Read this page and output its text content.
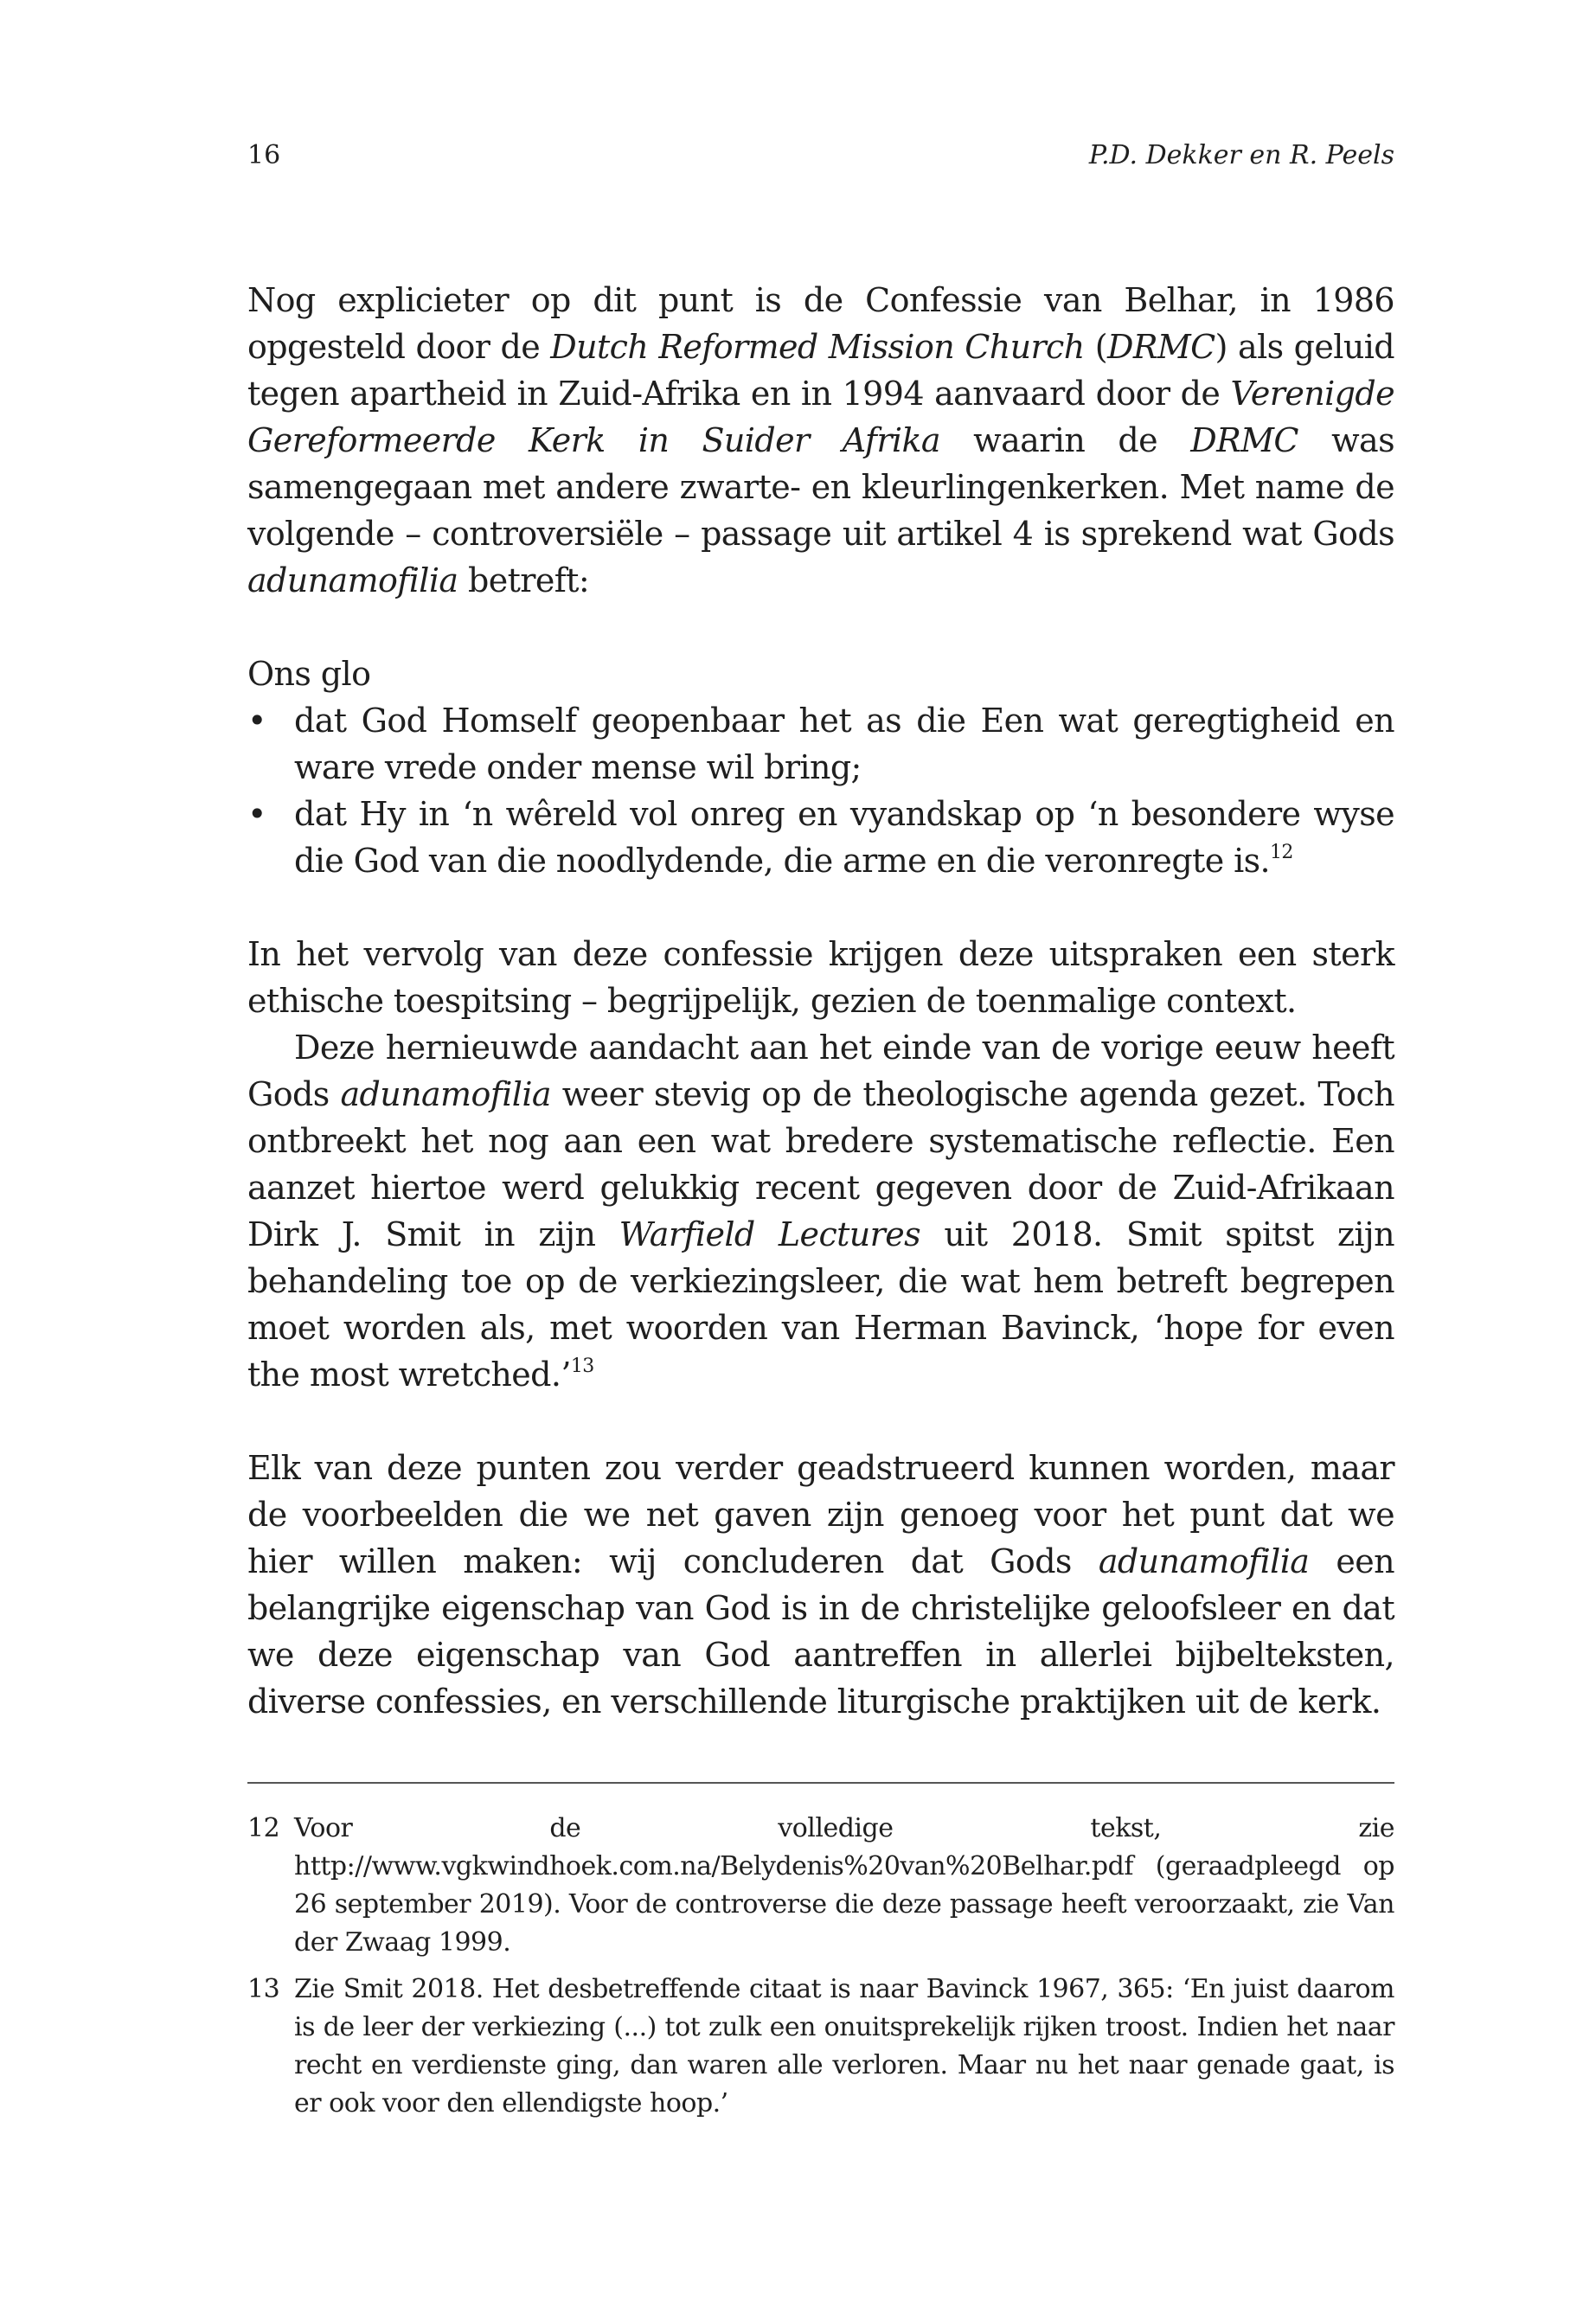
16	P.D. Dekker en R. Peels

Nog explicieter op dit punt is de Confessie van Belhar, in 1986 opgesteld door de Dutch Reformed Mission Church (DRMC) als geluid tegen apartheid in Zuid-Afrika en in 1994 aanvaard door de Verenigde Gereformeerde Kerk in Suider Afrika waarin de DRMC was samengegaan met andere zwarte- en kleurlingenkerken. Met name de volgende – controversiële – passage uit artikel 4 is sprekend wat Gods adunamofilia betreft:

Ons glo

• dat God Homself geopenbaar het as die Een wat geregtigheid en ware vrede onder mense wil bring;
• dat Hy in ‘n wêreld vol onreg en vyandskap op ‘n besondere wyse die God van die noodlydende, die arme en die veronregte is.$^{12}$

In het vervolg van deze confessie krijgen deze uitspraken een sterk ethische toespitsing – begrijpelijk, gezien de toenmalige context.

Deze hernieuwde aandacht aan het einde van de vorige eeuw heeft Gods adunamofilia weer stevig op de theologische agenda gezet. Toch ontbreekt het nog aan een wat bredere systematische reflectie. Een aanzet hiertoe werd gelukkig recent gegeven door de Zuid-Afrikaan Dirk J. Smit in zijn Warfield Lectures uit 2018. Smit spitst zijn behandeling toe op de verkiezingsleer, die wat hem betreft begrepen moet worden als, met woorden van Herman Bavinck, ‘hope for even the most wretched.’$^{13}$

Elk van deze punten zou verder geadstrueerd kunnen worden, maar de voorbeelden die we net gaven zijn genoeg voor het punt dat we hier willen maken: wij concluderen dat Gods adunamofilia een belangrijke eigenschap van God is in de christelijke geloofsleer en dat we deze eigenschap van God aantreffen in allerlei bijbelteksten, diverse confessies, en verschillende liturgische praktijken uit de kerk.

12 Voor de volledige tekst, zie http://www.vgkwindhoek.com.na/Belydenis%20van%20Belhar.pdf (geraadpleegd op 26 september 2019). Voor de controverse die deze passage heeft veroorzaakt, zie Van der Zwaag 1999.
13 Zie Smit 2018. Het desbetreffende citaat is naar Bavinck 1967, 365: ‘En juist daarom is de leer der verkiezing (...) tot zulk een onuitsprekelijk rijken troost. Indien het naar recht en verdienste ging, dan waren alle verloren. Maar nu het naar genade gaat, is er ook voor den ellendigste hoop.’
